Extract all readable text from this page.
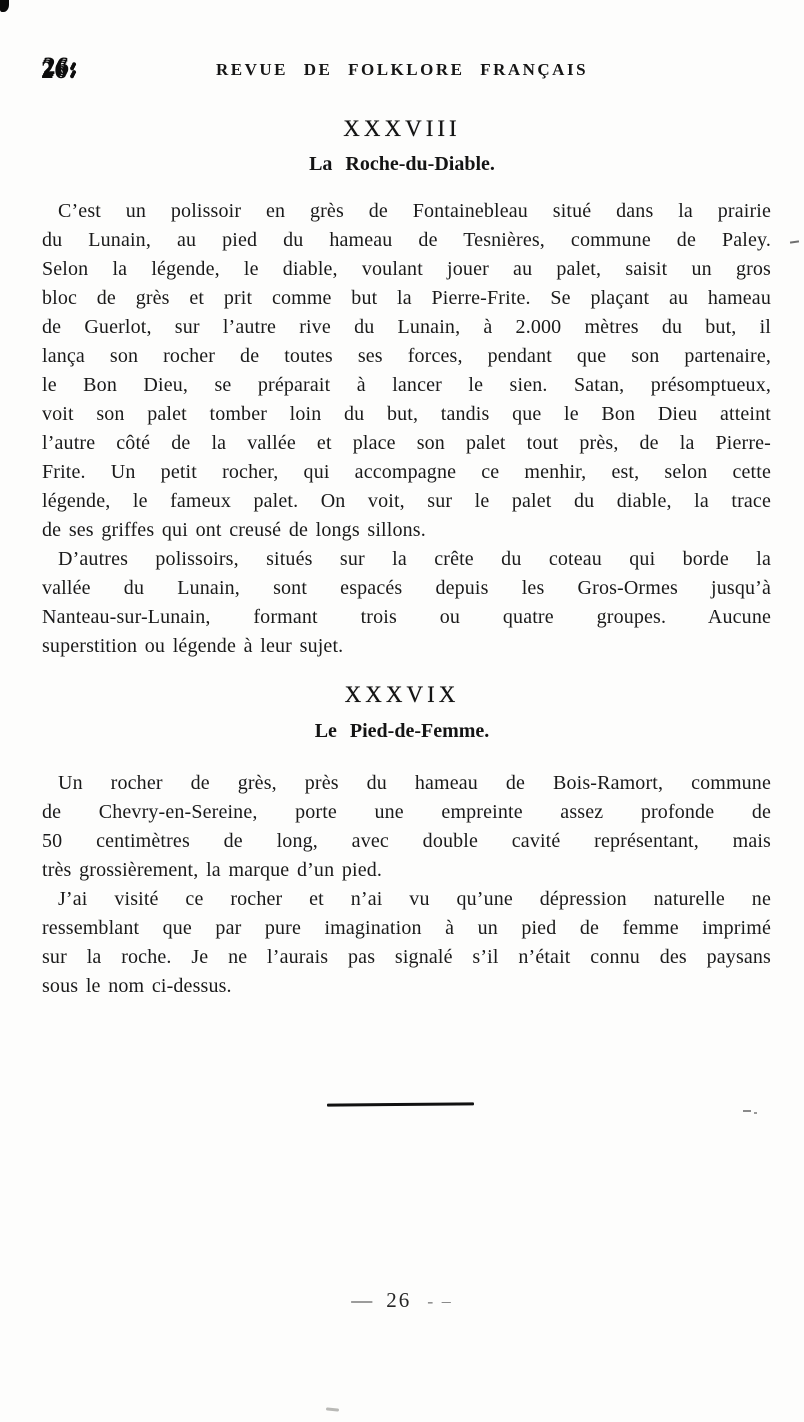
26:	REVUE DE FOLKLORE FRANÇAIS
XXXVIII
La Roche-du-Diable.
C’est un polissoir en grès de Fontainebleau situé dans la prairie
du Lunain, au pied du hameau de Tesnières, commune de Paley.
Selon la légende, le diable, voulant jouer au palet, saisit un gros
bloc de grès et prit comme but la Pierre-Frite. Se plaçant au hameau
de Guerlot, sur l’autre rive du Lunain, à 2.000 mètres du but, il
lança son rocher de toutes ses forces, pendant que son partenaire,
le Bon Dieu, se préparait à lancer le sien. Satan, présomptueux,
voit son palet tomber loin du but, tandis que le Bon Dieu atteint
l’autre côté de la vallée et place son palet tout près, de la Pierre-
Frite. Un petit rocher, qui accompagne ce menhir, est, selon cette
légende, le fameux palet. On voit, sur le palet du diable, la trace
de ses griffes qui ont creusé de longs sillons.
D’autres polissoirs, situés sur la crête du coteau qui borde la
vallée du Lunain, sont espacés depuis les Gros-Ormes jusqu’à
Nanteau-sur-Lunain, formant trois ou quatre groupes. Aucune
superstition ou légende à leur sujet.
XXXVIX
Le Pied-de-Femme.
Un rocher de grès, près du hameau de Bois-Ramort, commune
de Chevry-en-Sereine, porte une empreinte assez profonde de
50 centimètres de long, avec double cavité représentant, mais
très grossièrement, la marque d’un pied.
J’ai visité ce rocher et n’ai vu qu’une dépression naturelle ne
ressemblant que par pure imagination à un pied de femme imprimé
sur la roche. Je ne l’aurais pas signalé s’il n’était connu des paysans
sous le nom ci-dessus.
— 26 - –
